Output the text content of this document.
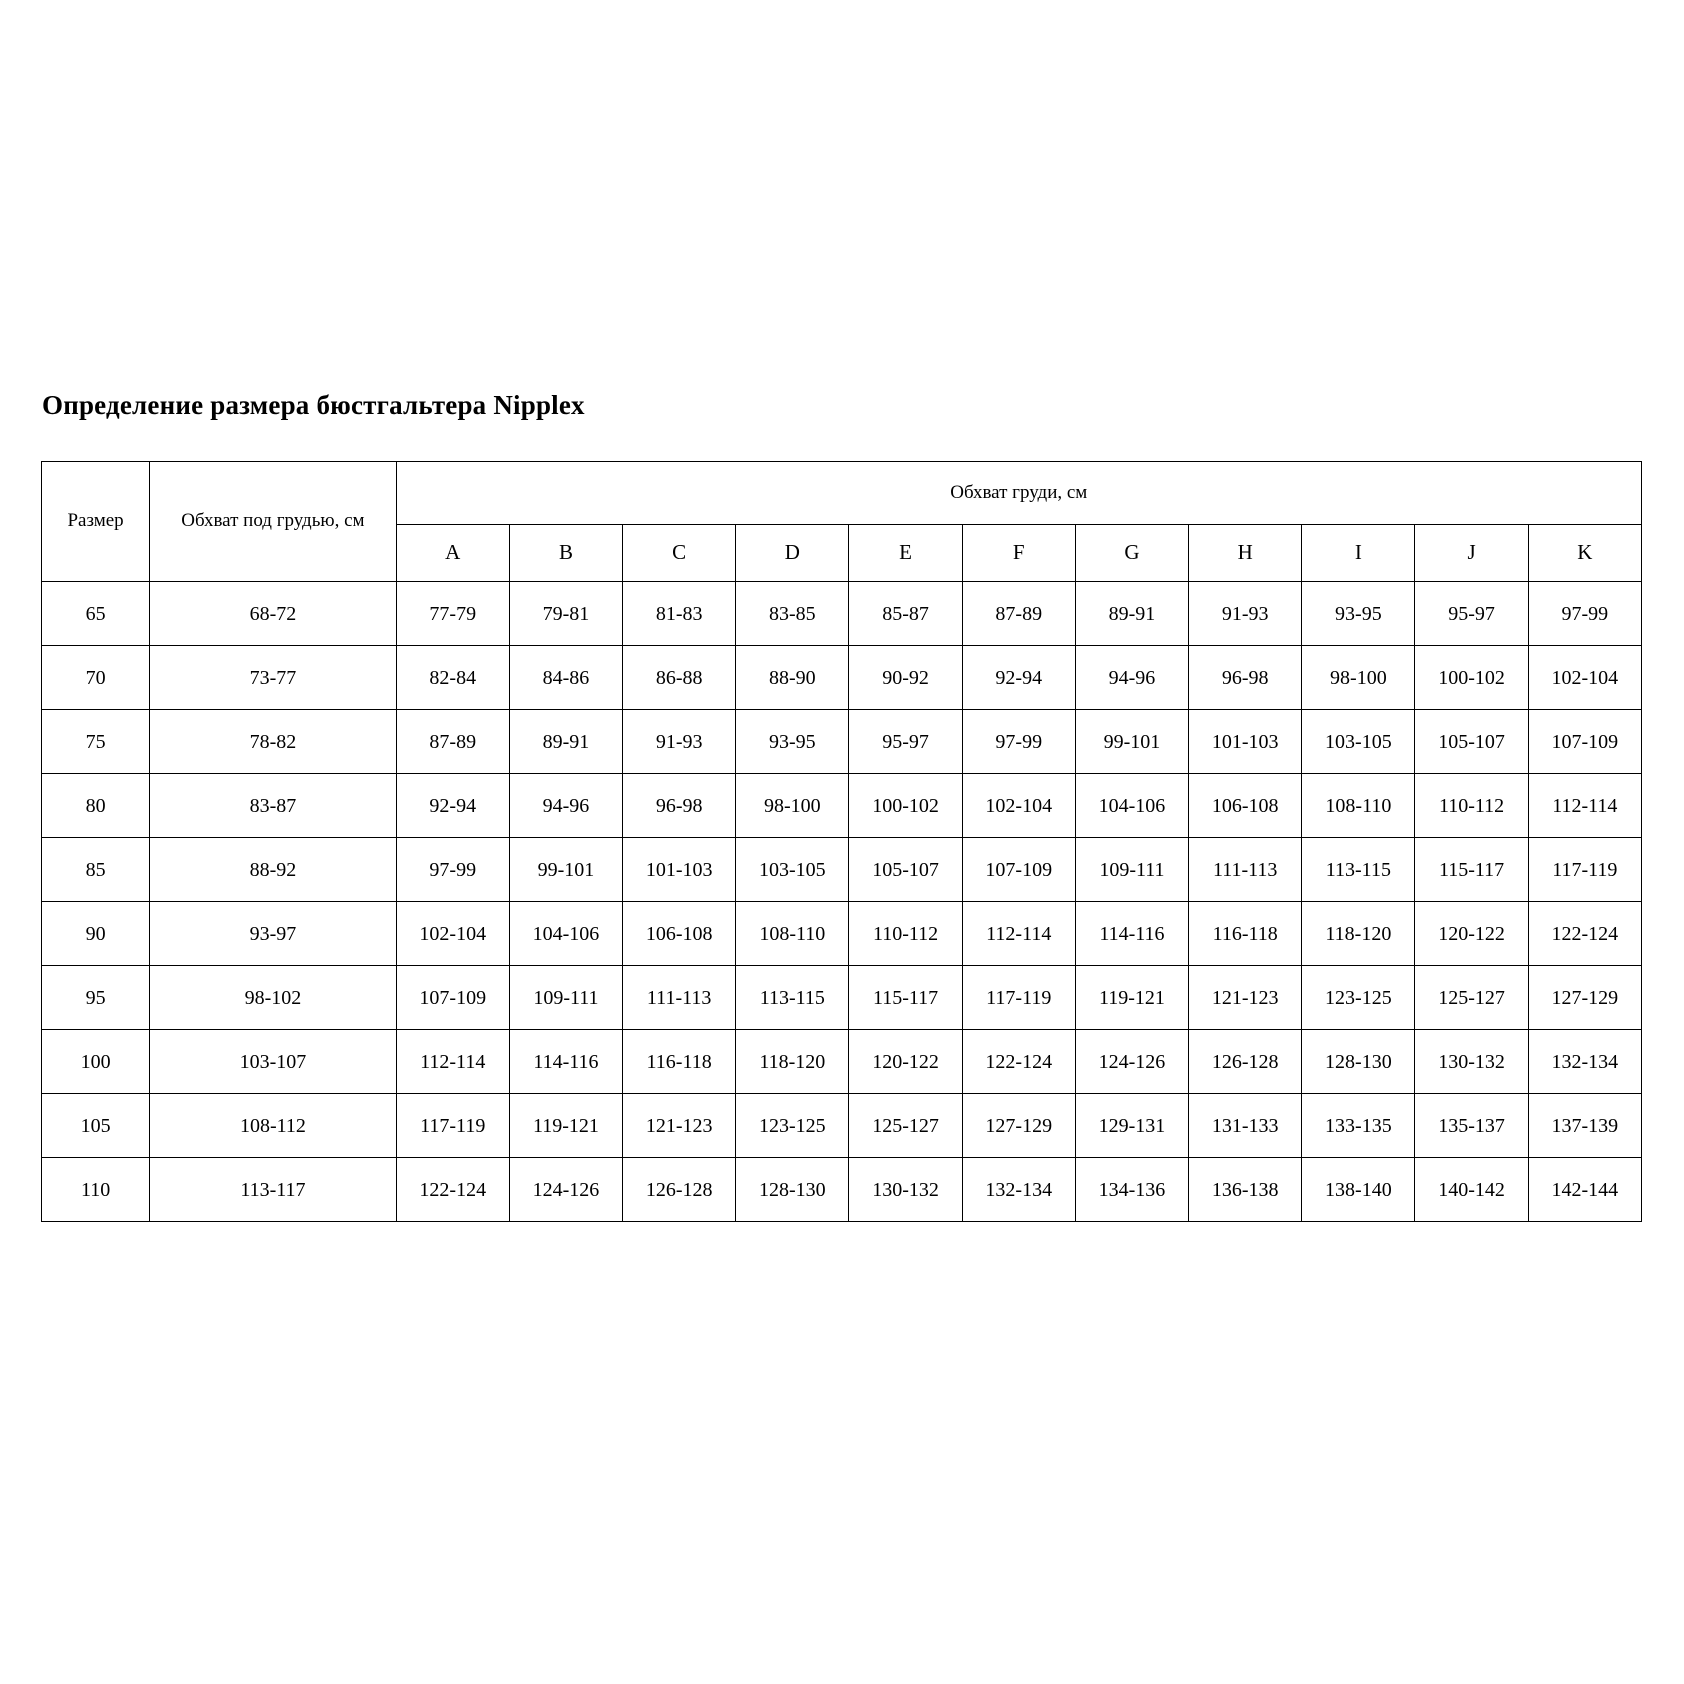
Определение размера бюстгальтера Nipplex
Размер	Обхват под грудью, см	Обхват груди, см										
		A	B	C	D	E	F	G	H	I	J	K
65	68-72	77-79	79-81	81-83	83-85	85-87	87-89	89-91	91-93	93-95	95-97	97-99
70	73-77	82-84	84-86	86-88	88-90	90-92	92-94	94-96	96-98	98-100	100-102	102-104
75	78-82	87-89	89-91	91-93	93-95	95-97	97-99	99-101	101-103	103-105	105-107	107-109
80	83-87	92-94	94-96	96-98	98-100	100-102	102-104	104-106	106-108	108-110	110-112	112-114
85	88-92	97-99	99-101	101-103	103-105	105-107	107-109	109-111	111-113	113-115	115-117	117-119
90	93-97	102-104	104-106	106-108	108-110	110-112	112-114	114-116	116-118	118-120	120-122	122-124
95	98-102	107-109	109-111	111-113	113-115	115-117	117-119	119-121	121-123	123-125	125-127	127-129
100	103-107	112-114	114-116	116-118	118-120	120-122	122-124	124-126	126-128	128-130	130-132	132-134
105	108-112	117-119	119-121	121-123	123-125	125-127	127-129	129-131	131-133	133-135	135-137	137-139
110	113-117	122-124	124-126	126-128	128-130	130-132	132-134	134-136	136-138	138-140	140-142	142-144
